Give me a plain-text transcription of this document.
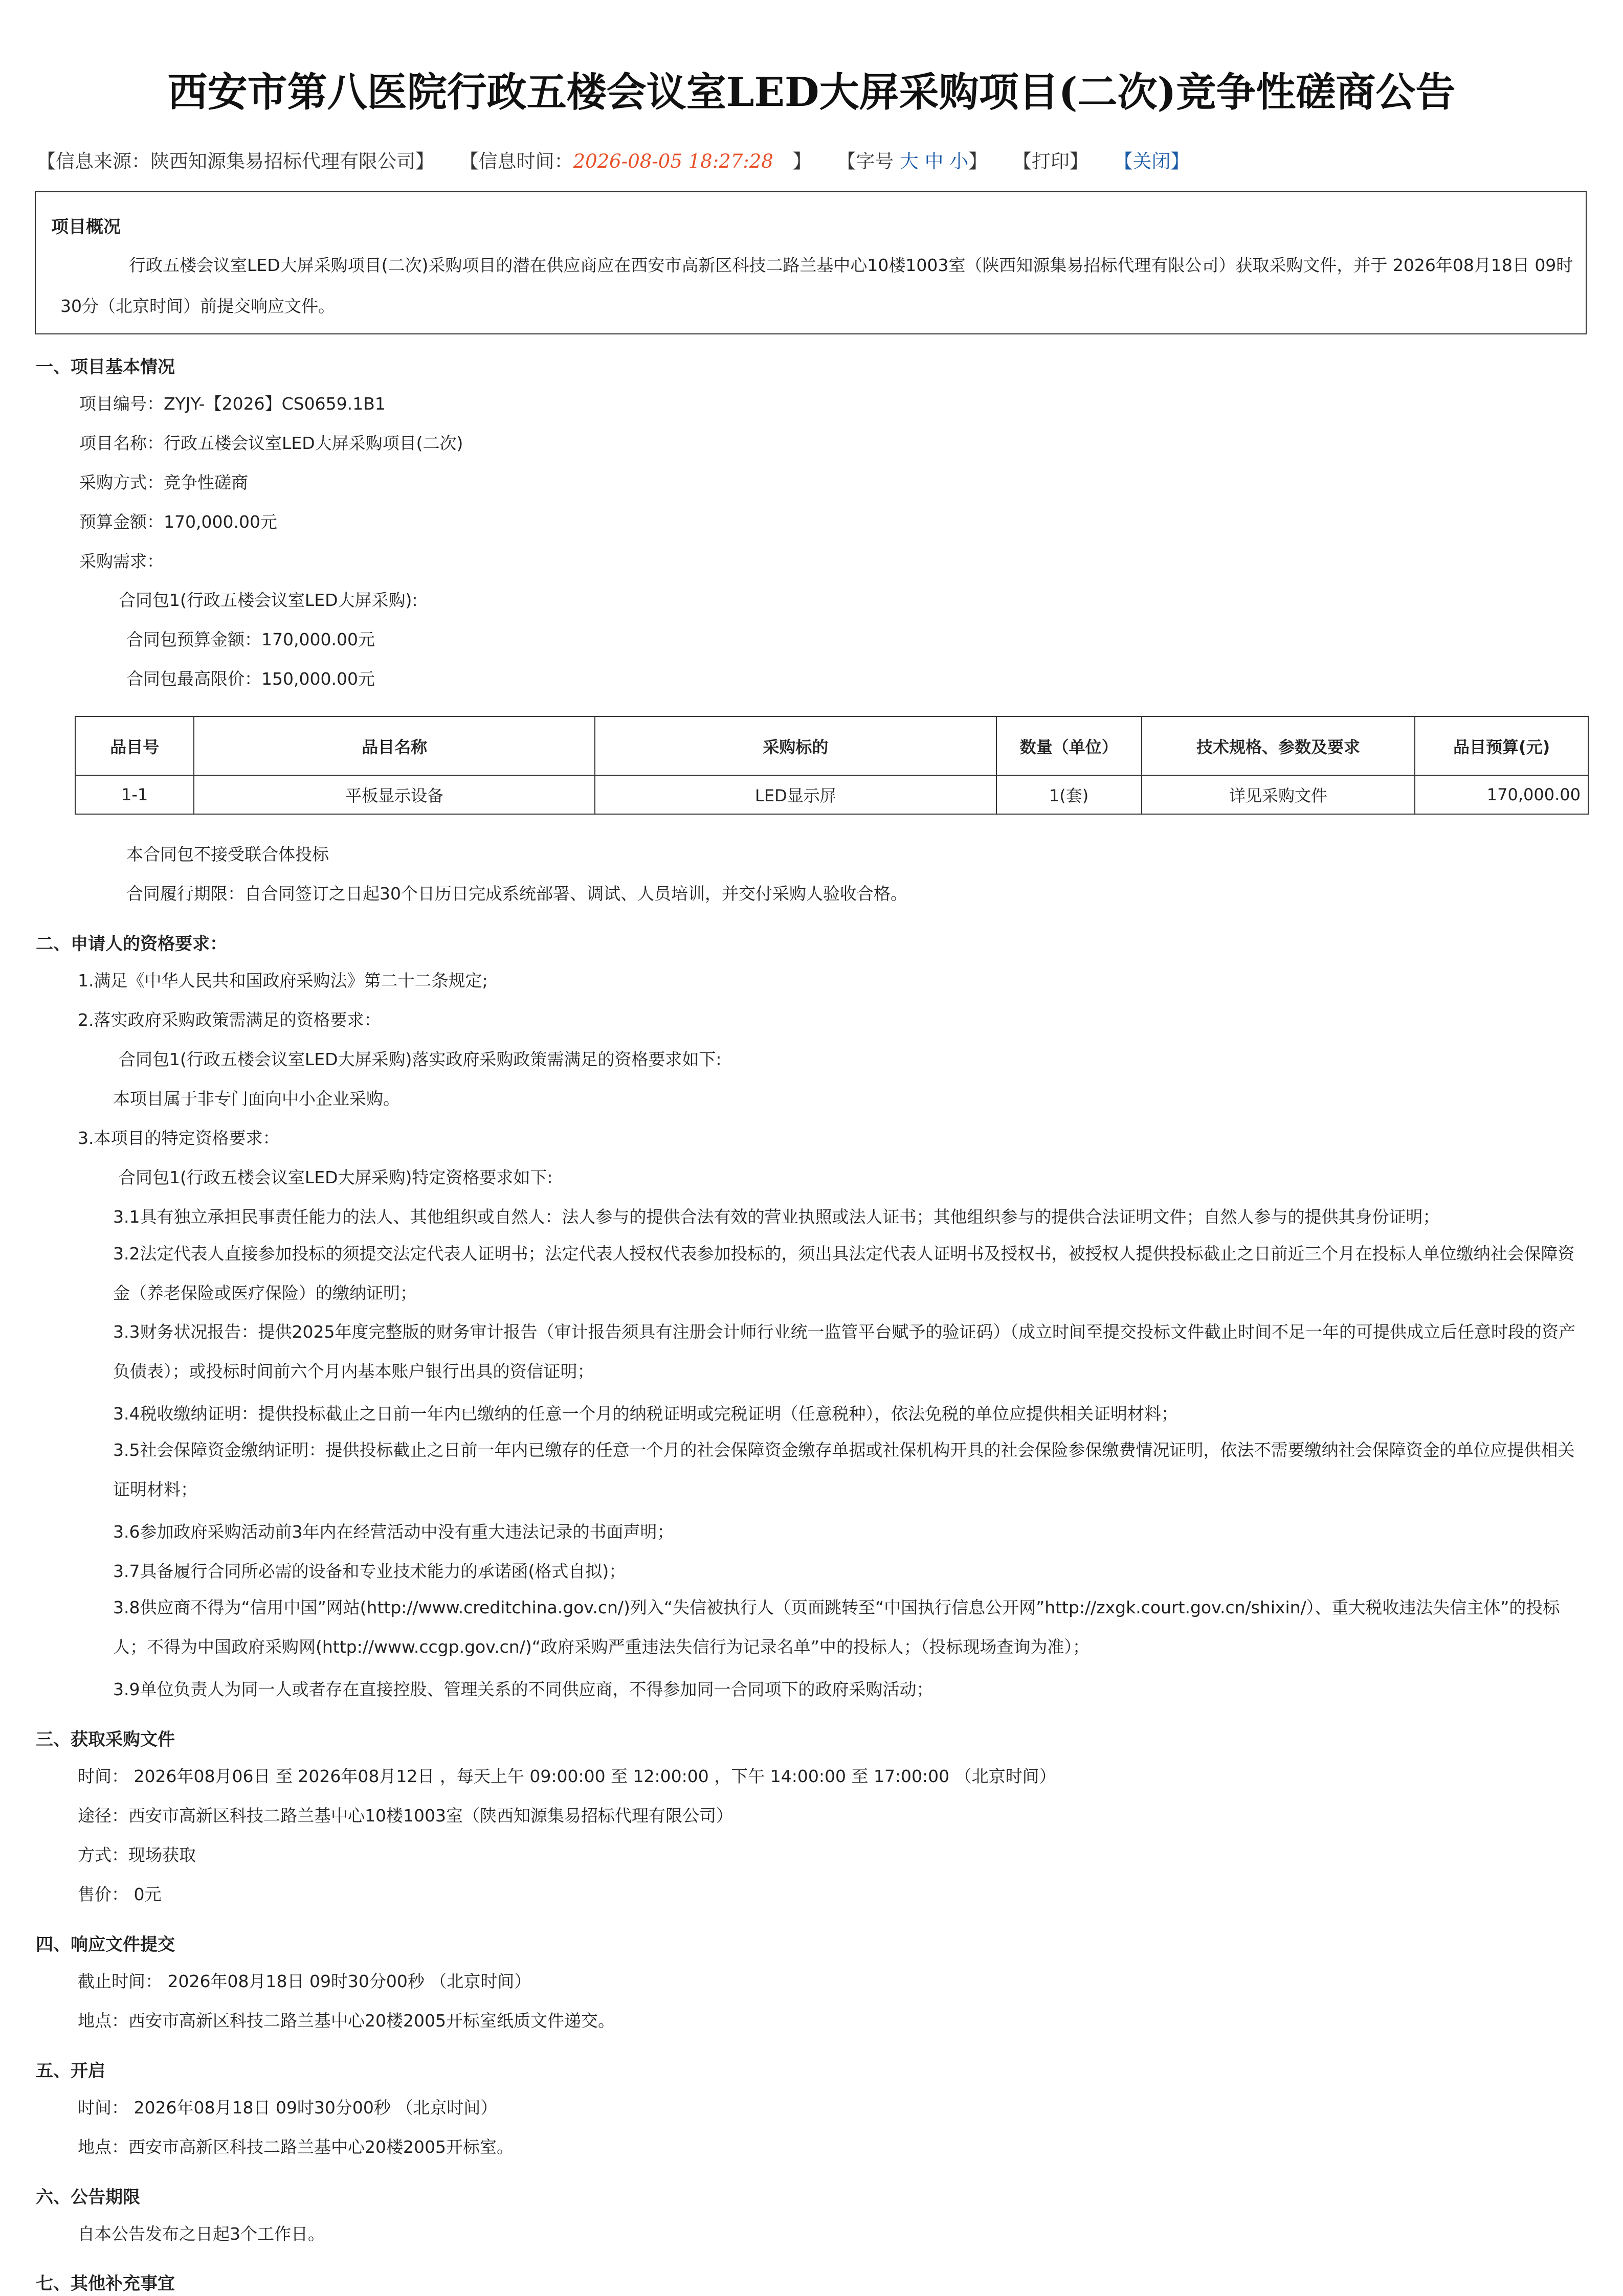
西安市第八医院行政五楼会议室LED大屏采购项目(二次)竞争性磋商公告
【信息来源：陕西知源集易招标代理有限公司】 【信息时间：2026-08-05 18:27:28 】 【字号 大 中 小】 【打印】 【关闭】
项目概况
行政五楼会议室LED大屏采购项目(二次)采购项目的潜在供应商应在西安市高新区科技二路兰基中心10楼1003室（陕西知源集易招标代理有限公司）获取采购文件，并于 2026年08月18日 09时30分（北京时间）前提交响应文件。
一、项目基本情况
项目编号：ZYJY-【2026】CS0659.1B1
项目名称：行政五楼会议室LED大屏采购项目(二次)
采购方式：竞争性磋商
预算金额：170,000.00元
采购需求：
合同包1(行政五楼会议室LED大屏采购):
合同包预算金额：170,000.00元
合同包最高限价：150,000.00元
品目号	品目名称	采购标的	数量（单位）	技术规格、参数及要求	品目预算(元)
1-1	平板显示设备	LED显示屏	1(套)	详见采购文件	170,000.00
本合同包不接受联合体投标
合同履行期限：自合同签订之日起30个日历日完成系统部署、调试、人员培训，并交付采购人验收合格。
二、申请人的资格要求：
1.满足《中华人民共和国政府采购法》第二十二条规定;
2.落实政府采购政策需满足的资格要求：
合同包1(行政五楼会议室LED大屏采购)落实政府采购政策需满足的资格要求如下:
本项目属于非专门面向中小企业采购。
3.本项目的特定资格要求：
合同包1(行政五楼会议室LED大屏采购)特定资格要求如下:
3.1具有独立承担民事责任能力的法人、其他组织或自然人：法人参与的提供合法有效的营业执照或法人证书；其他组织参与的提供合法证明文件；自然人参与的提供其身份证明；
3.2法定代表人直接参加投标的须提交法定代表人证明书；法定代表人授权代表参加投标的，须出具法定代表人证明书及授权书，被授权人提供投标截止之日前近三个月在投标人单位缴纳社会保障资金（养老保险或医疗保险）的缴纳证明；
3.3财务状况报告：提供2025年度完整版的财务审计报告（审计报告须具有注册会计师行业统一监管平台赋予的验证码）（成立时间至提交投标文件截止时间不足一年的可提供成立后任意时段的资产负债表）；或投标时间前六个月内基本账户银行出具的资信证明；
3.4税收缴纳证明：提供投标截止之日前一年内已缴纳的任意一个月的纳税证明或完税证明（任意税种），依法免税的单位应提供相关证明材料；
3.5社会保障资金缴纳证明：提供投标截止之日前一年内已缴存的任意一个月的社会保障资金缴存单据或社保机构开具的社会保险参保缴费情况证明，依法不需要缴纳社会保障资金的单位应提供相关证明材料；
3.6参加政府采购活动前3年内在经营活动中没有重大违法记录的书面声明；
3.7具备履行合同所必需的设备和专业技术能力的承诺函(格式自拟)；
3.8供应商不得为“信用中国”网站(http://www.creditchina.gov.cn/)列入“失信被执行人（页面跳转至“中国执行信息公开网”http://zxgk.court.gov.cn/shixin/）、重大税收违法失信主体”的投标人；不得为中国政府采购网(http://www.ccgp.gov.cn/)“政府采购严重违法失信行为记录名单”中的投标人；（投标现场查询为准）；
3.9单位负责人为同一人或者存在直接控股、管理关系的不同供应商，不得参加同一合同项下的政府采购活动；
三、获取采购文件
时间： 2026年08月06日 至 2026年08月12日 ，每天上午 09:00:00 至 12:00:00 ，下午 14:00:00 至 17:00:00 （北京时间）
途径：西安市高新区科技二路兰基中心10楼1003室（陕西知源集易招标代理有限公司）
方式：现场获取
售价： 0元
四、响应文件提交
截止时间： 2026年08月18日 09时30分00秒 （北京时间）
地点：西安市高新区科技二路兰基中心20楼2005开标室纸质文件递交。
五、开启
时间： 2026年08月18日 09时30分00秒 （北京时间）
地点：西安市高新区科技二路兰基中心20楼2005开标室。
六、公告期限
自本公告发布之日起3个工作日。
七、其他补充事宜
